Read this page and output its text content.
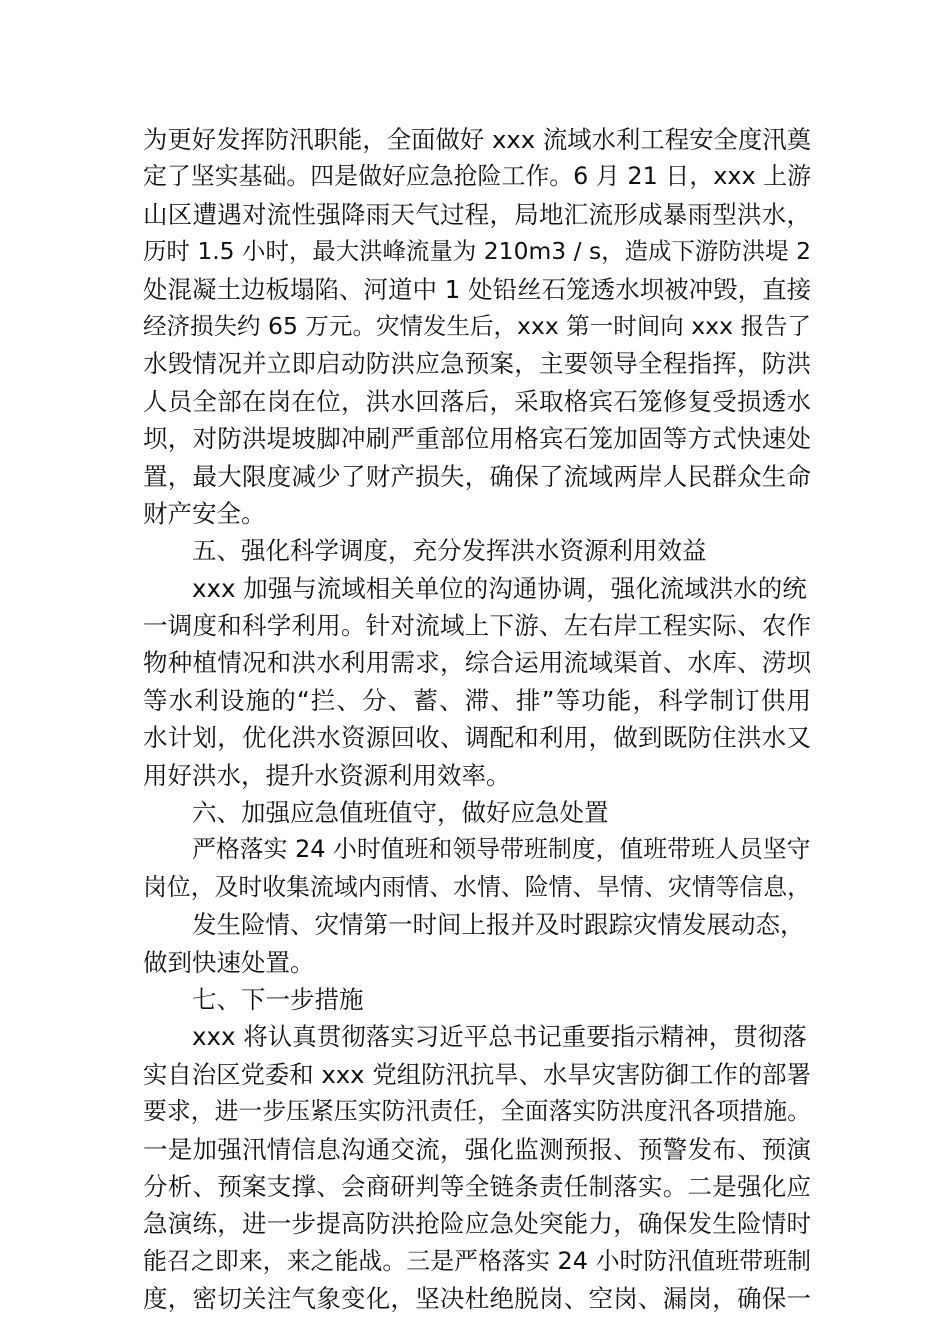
为更好发挥防汛职能，全面做好 xxx 流域水利工程安全度汛奠
定了坚实基础。四是做好应急抢险工作。6 月 21 日，xxx 上游
山区遭遇对流性强降雨天气过程，局地汇流形成暴雨型洪水，
历时 1.5 小时，最大洪峰流量为 210m3 / s，造成下游防洪堤 2
处混凝土边板塌陷、河道中 1 处铅丝石笼透水坝被冲毁，直接
经济损失约 65 万元。灾情发生后，xxx 第一时间向 xxx 报告了
水毁情况并立即启动防洪应急预案，主要领导全程指挥，防洪
人员全部在岗在位，洪水回落后，采取格宾石笼修复受损透水
坝，对防洪堤坡脚冲刷严重部位用格宾石笼加固等方式快速处
置，最大限度减少了财产损失，确保了流域两岸人民群众生命
财产安全。
五、强化科学调度，充分发挥洪水资源利用效益
xxx 加强与流域相关单位的沟通协调，强化流域洪水的统
一调度和科学利用。针对流域上下游、左右岸工程实际、农作
物种植情况和洪水利用需求，综合运用流域渠首、水库、涝坝
等水利设施的“拦、分、蓄、滞、排”等功能，科学制订供用
水计划，优化洪水资源回收、调配和利用，做到既防住洪水又
用好洪水，提升水资源利用效率。
六、加强应急值班值守，做好应急处置
严格落实 24 小时值班和领导带班制度，值班带班人员坚守
岗位，及时收集流域内雨情、水情、险情、旱情、灾情等信息，
发生险情、灾情第一时间上报并及时跟踪灾情发展动态，
做到快速处置。
七、下一步措施
xxx 将认真贯彻落实习近平总书记重要指示精神，贯彻落
实自治区党委和 xxx 党组防汛抗旱、水旱灾害防御工作的部署
要求，进一步压紧压实防汛责任，全面落实防洪度汛各项措施。
一是加强汛情信息沟通交流，强化监测预报、预警发布、预演
分析、预案支撑、会商研判等全链条责任制落实。二是强化应
急演练，进一步提高防洪抢险应急处突能力，确保发生险情时
能召之即来，来之能战。三是严格落实 24 小时防汛值班带班制
度，密切关注气象变化，坚决杜绝脱岗、空岗、漏岗，确保一
